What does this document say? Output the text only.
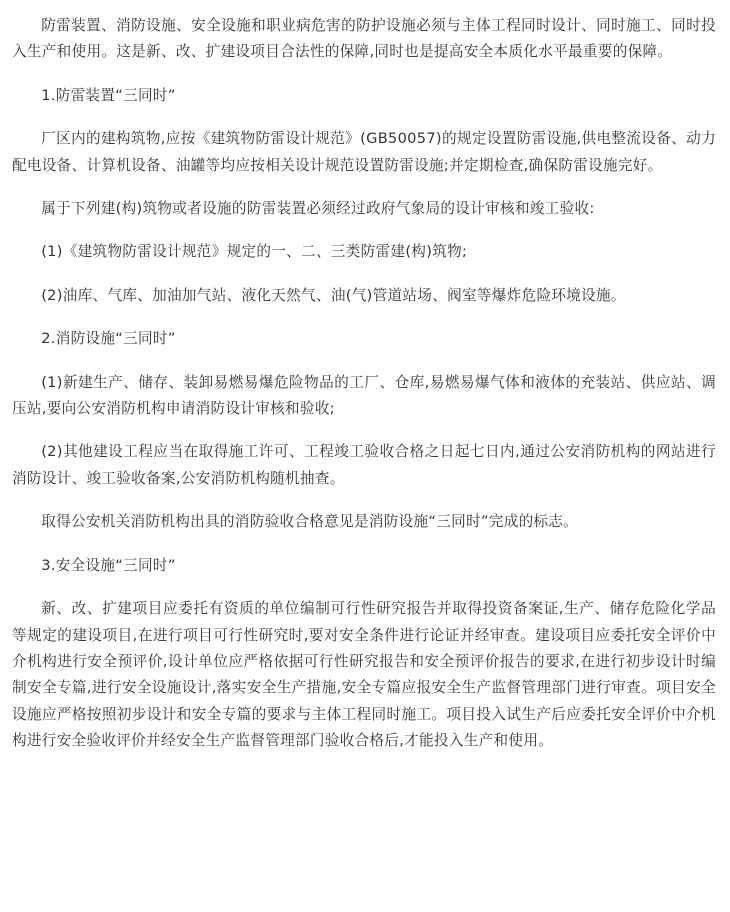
防雷装置、消防设施、安全设施和职业病危害的防护设施必须与主体工程同时设计、同时施工、同时投入生产和使用。这是新、改、扩建设项目合法性的保障,同时也是提高安全本质化水平最重要的保障。

1.防雷装置“三同时”

厂区内的建构筑物,应按《建筑物防雷设计规范》(GB50057)的规定设置防雷设施,供电整流设备、动力配电设备、计算机设备、油罐等均应按相关设计规范设置防雷设施;并定期检查,确保防雷设施完好。

属于下列建(构)筑物或者设施的防雷装置必须经过政府气象局的设计审核和竣工验收:

(1)《建筑物防雷设计规范》规定的一、二、三类防雷建(构)筑物;

(2)油库、气库、加油加气站、液化天然气、油(气)管道站场、阀室等爆炸危险环境设施。

2.消防设施“三同时”

(1)新建生产、储存、装卸易燃易爆危险物品的工厂、仓库,易燃易爆气体和液体的充装站、供应站、调压站,要向公安消防机构申请消防设计审核和验收;

(2)其他建设工程应当在取得施工许可、工程竣工验收合格之日起七日内,通过公安消防机构的网站进行消防设计、竣工验收备案,公安消防机构随机抽查。

取得公安机关消防机构出具的消防验收合格意见是消防设施“三同时”完成的标志。

3.安全设施“三同时”

新、改、扩建项目应委托有资质的单位编制可行性研究报告并取得投资备案证,生产、储存危险化学品等规定的建设项目,在进行项目可行性研究时,要对安全条件进行论证并经审查。建设项目应委托安全评价中介机构进行安全预评价,设计单位应严格依据可行性研究报告和安全预评价报告的要求,在进行初步设计时编制安全专篇,进行安全设施设计,落实安全生产措施,安全专篇应报安全生产监督管理部门进行审查。项目安全设施应严格按照初步设计和安全专篇的要求与主体工程同时施工。项目投入试生产后应委托安全评价中介机构进行安全验收评价并经安全生产监督管理部门验收合格后,才能投入生产和使用。
